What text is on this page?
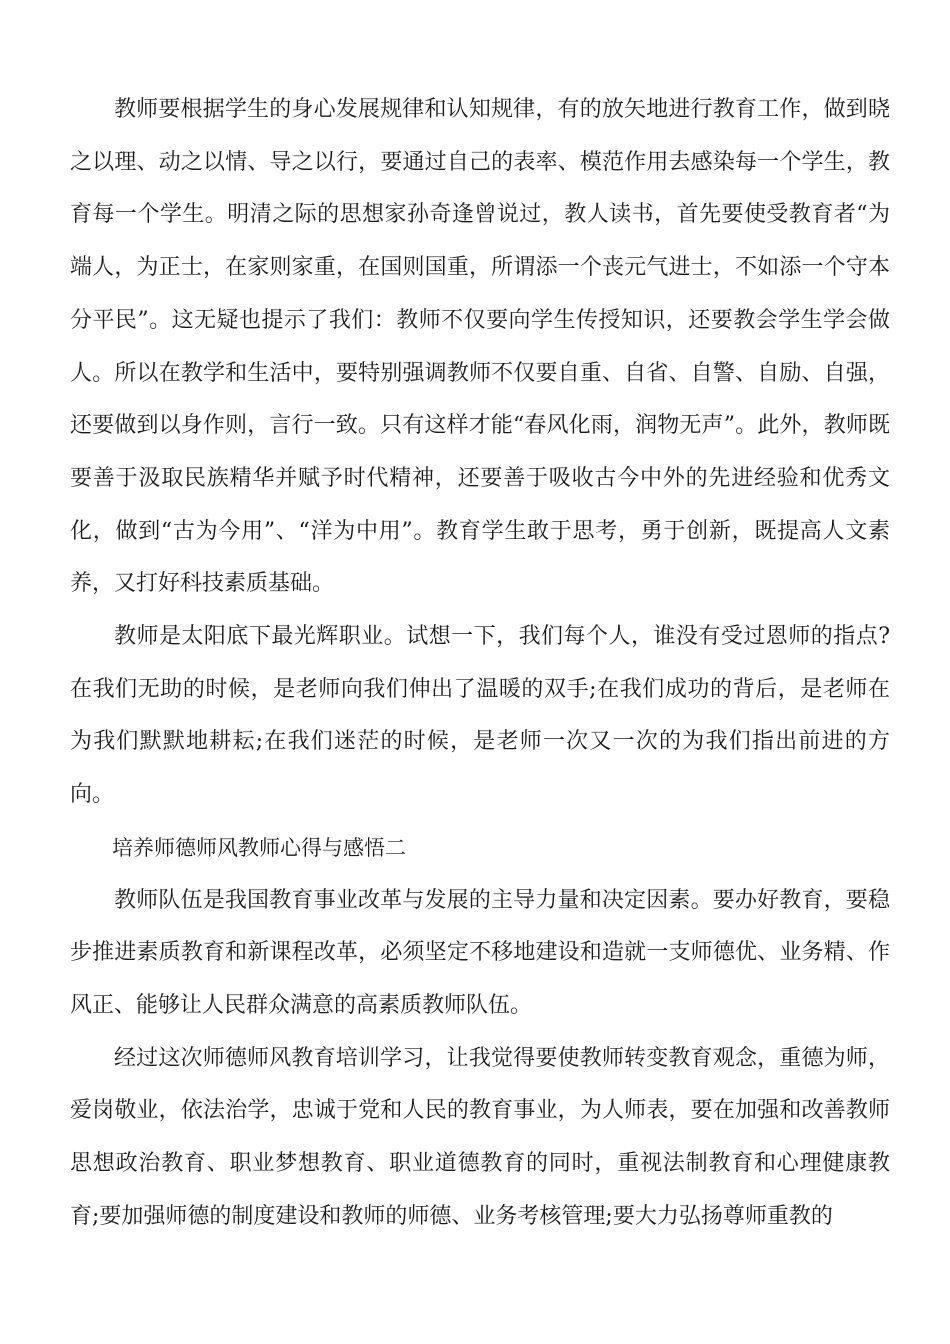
教师要根据学生的身心发展规律和认知规律，有的放矢地进行教育工作，做到晓之以理、动之以情、导之以行，要通过自己的表率、模范作用去感染每一个学生，教育每一个学生。明清之际的思想家孙奇逢曾说过，教人读书，首先要使受教育者“为端人，为正士，在家则家重，在国则国重，所谓添一个丧元气进士，不如添一个守本分平民”。这无疑也提示了我们：教师不仅要向学生传授知识，还要教会学生学会做人。所以在教学和生活中，要特别强调教师不仅要自重、自省、自警、自励、自强，还要做到以身作则，言行一致。只有这样才能“春风化雨，润物无声”。此外，教师既要善于汲取民族精华并赋予时代精神，还要善于吸收古今中外的先进经验和优秀文化，做到“古为今用”、“洋为中用”。教育学生敢于思考，勇于创新，既提高人文素养，又打好科技素质基础。

教师是太阳底下最光辉职业。试想一下，我们每个人，谁没有受过恩师的指点?在我们无助的时候，是老师向我们伸出了温暖的双手;在我们成功的背后，是老师在为我们默默地耕耘;在我们迷茫的时候，是老师一次又一次的为我们指出前进的方向。

培养师德师风教师心得与感悟二

教师队伍是我国教育事业改革与发展的主导力量和决定因素。要办好教育，要稳步推进素质教育和新课程改革，必须坚定不移地建设和造就一支师德优、业务精、作风正、能够让人民群众满意的高素质教师队伍。

经过这次师德师风教育培训学习，让我觉得要使教师转变教育观念，重德为师，爱岗敬业，依法治学，忠诚于党和人民的教育事业，为人师表，要在加强和改善教师思想政治教育、职业梦想教育、职业道德教育的同时，重视法制教育和心理健康教育;要加强师德的制度建设和教师的师德、业务考核管理;要大力弘扬尊师重教的
